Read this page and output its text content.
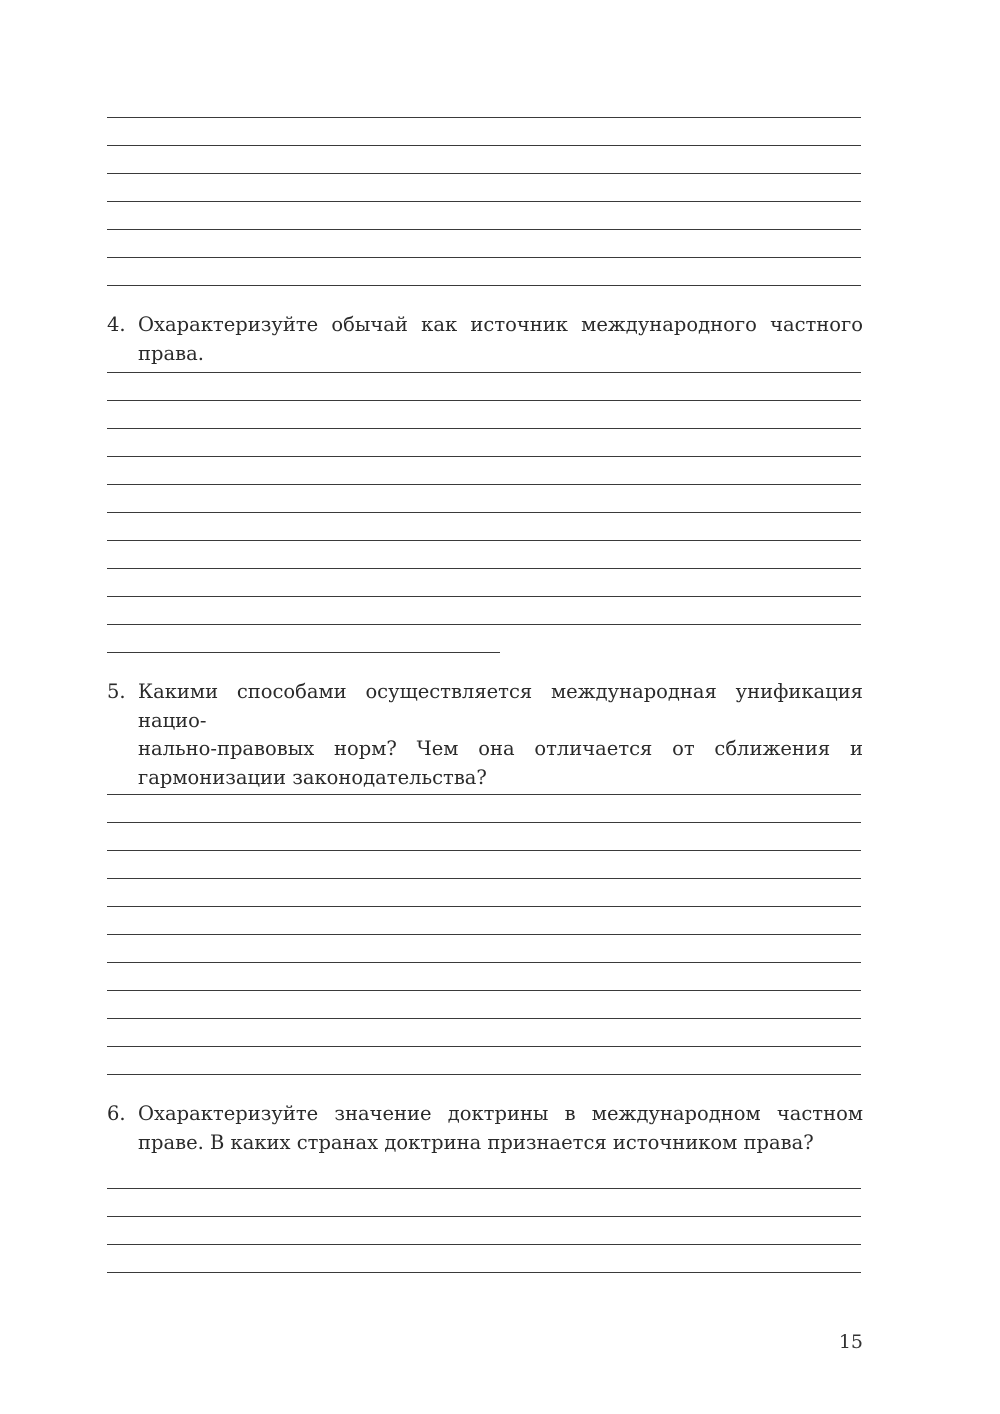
4. Охарактеризуйте обычай как источник международного частного права.
5. Какими способами осуществляется международная унификация нацио-
нально-правовых норм? Чем она отличается от сближения и гармонизации законодательства?
6. Охарактеризуйте значение доктрины в международном частном праве. В каких странах доктрина признается источником права?
15
